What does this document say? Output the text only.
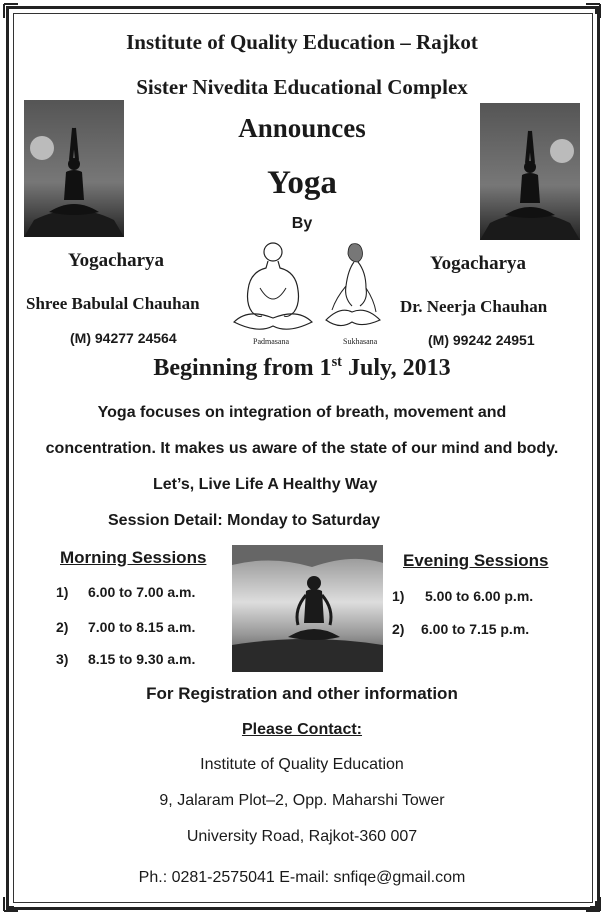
Institute of Quality Education – Rajkot
Sister Nivedita Educational Complex
Announces
Yoga
By
Yogacharya
Shree Babulal Chauhan
(M) 94277 24564
Yogacharya
Dr. Neerja Chauhan
(M) 99242 24951
Padmasana	Sukhasana
Beginning from 1st July, 2013
Yoga focuses on integration of breath, movement and
concentration. It makes us aware of the state of our mind and body.
Let’s, Live Life A Healthy Way
Session Detail: Monday to Saturday
Morning Sessions
1) 6.00 to 7.00 a.m.
2) 7.00 to 8.15 a.m.
3) 8.15 to 9.30 a.m.
Evening Sessions
1) 5.00 to 6.00 p.m.
2) 6.00 to 7.15 p.m.
For Registration and other information
Please Contact:
Institute of Quality Education
9, Jalaram Plot–2, Opp. Maharshi Tower
University Road, Rajkot-360 007
Ph.: 0281-2575041 E-mail: snfiqe@gmail.com
